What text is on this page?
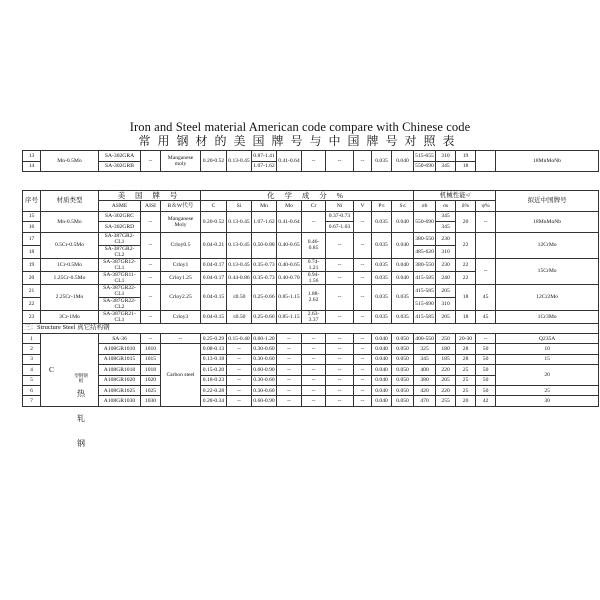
Iron and Steel material American code compare with Chinese code
常用钢材的美国牌号与中国牌号对照表
13	Mn-0.5Mo	SA-302GRA	--	Manganese moly	0.20-0.52	0.13-0.45	0.87-1.41	0.41-0.64	--	--	--	0.035	0.040	515-655	310	19		18MnMoNb
14		SA-302GRB					1.07-1.62							550-690	345	18		
序号	材质类型	美 国 牌 号			化 学 成 分 %									机械性能≮				拟近中国牌号
		ASME	AISI	B＆W代号	C	Si	Mn	Mo	Cr	Ni	V	P≤	S≤	σb	σs	δ%	ψ%	
15	Mn-0.5Mo	SA-302GRC	--	Manganese Moly	0.20-0.52	0.13-0.45	1.07-1.62	0.41-0.64	--	0.37-0.73	--	0.035	0.040	550-690	345	20	--	18MnMoNb
16		SA-302GRD								0.67-1.03					345			
17	0.5Cr-0.5Mo	SA-387GR2-CL1	--	Crloy0.5	0.04-0.21	0.13-0.45	0.50-0.88	0.40-0.65	0.46-0.85	--	--	0.035	0.040	380-550	230	22		12CrMo
18		SA-387GR2-CL2												485-620	310			
19	1Cr-0.5Mo	SA-387GR12-CL1	--	Crloy1	0.04-0.17	0.13-0.45	0.35-0.73	0.40-0.65	0.74-1.21	--	--	0.035	0.040	380-550	230	22	--	15CrMo
20	1.25Cr-0.5Mo	SA-387GR11-CL1	--	Crloy1.25	0.04-0.17	0.44-0.86	0.35-0.73	0.40-0.70	0.94-1.56	--	--	0.035	0.040	415-585	240	22		
21	2.25Cr-1Mo	SA-387GR22-CL1	--	Crloy2.25	0.04-0.15	≤0.50	0.25-0.66	0.85-1.15	1.88-2.62	--	--	0.035	0.035	415-585	205	18	45	12Cr2Mo
22		SA-387GR22-CL2												515-690	310			
23	3Cr-1Mo	SA-387GR21-CL1	--	Crloy3	0.04-0.15	≤0.50	0.25-0.66	0.85-1.15	2.63-3.37	--	--	0.035	0.035	415-585	205	18	45	1Cr3Mo
三：Structure Steel 真它结构钢																		
1	C	SA-36	--	--	0.25-0.29	0.15-0.40	0.60-1.20	--	--	--	--	0.040	0.050	400-550	250	20-30	--	Q235A
2		A108GR1010	1010	Carbon steel	0.08-0.13	--	0.30-0.60	--	--	--	--	0.040	0.050	325	180	28	50	10
3		A108GR1015	1015		0.13-0.18	--	0.30-0.60	--	--	--	--	0.040	0.050	345	185	28	50	15
4		A108GR1018	1018		0.15-0.20	--	0.60-0.90	--	--	--	--	0.040	0.050	400	220	25	50	20
5		A108GR1020	1020		0.18-0.23	--	0.30-0.60	--	--	--	--	0.040	0.050	380	205	25	50	
6		A108GR1025	1025		0.22-0.28	--	0.30-0.60	--	--	--	--	0.040	0.050	420	220	25	50	25
7		A108GR1030	1030		0.28-0.34	--	0.60-0.90	--	--	--	--	0.040	0.050	470	255	20	42	30
型钢钢板
热
轧
钢
